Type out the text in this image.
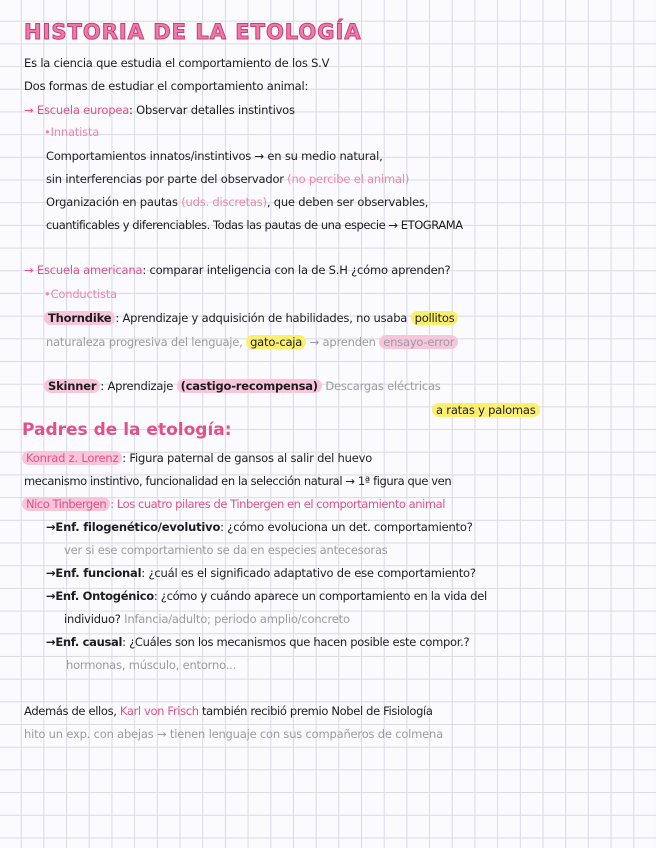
HISTORIA DE LA ETOLOGÍA
Es la ciencia que estudia el comportamiento de los S.V
Dos formas de estudiar el comportamiento animal:
→ Escuela europea: Observar detalles instintivos
•Innatista
Comportamientos innatos/instintivos → en su medio natural,
sin interferencias por parte del observador (no percibe el animal)
Organización en pautas (uds. discretas), que deben ser observables,
cuantificables y diferenciables. Todas las pautas de una especie → ETOGRAMA
→ Escuela americana: comparar inteligencia con la de S.H ¿cómo aprenden?
•Conductista
Thorndike : Aprendizaje y adquisición de habilidades, no usaba pollitos
naturaleza progresiva del lenguaje, gato-caja → aprenden ensayo-error
Skinner : Aprendizaje (castigo-recompensa) Descargas eléctricas
a ratas y palomas
Padres de la etología:
Konrad z. Lorenz : Figura paternal de gansos al salir del huevo
mecanismo instintivo, funcionalidad en la selección natural → 1ª figura que ven
Nico Tinbergen : Los cuatro pilares de Tinbergen en el comportamiento animal
→Enf. filogenético/evolutivo: ¿cómo evoluciona un det. comportamiento?
ver si ese comportamiento se da en especies antecesoras
→Enf. funcional: ¿cuál es el significado adaptativo de ese comportamiento?
→Enf. Ontogénico: ¿cómo y cuándo aparece un comportamiento en la vida del
individuo? Infancia/adulto; periodo amplio/concreto
→Enf. causal: ¿Cuáles son los mecanismos que hacen posible este compor.?
hormonas, músculo, entorno...
Además de ellos, Karl von Frisch también recibió premio Nobel de Fisiología
hito un exp. con abejas → tienen lenguaje con sus compañeros de colmena
